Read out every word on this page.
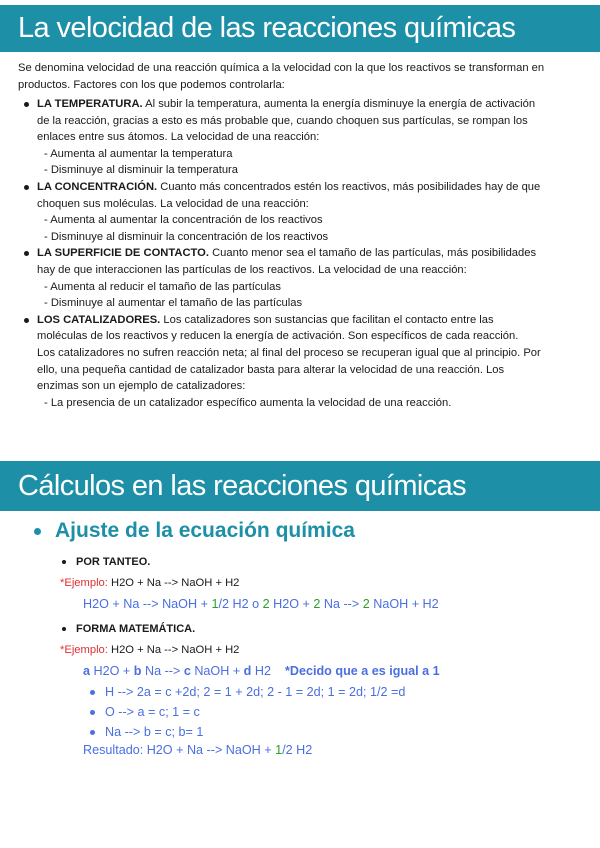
La velocidad de las reacciones químicas

Se denomina velocidad de una reacción química a la velocidad con la que los reactivos se transforman en productos. Factores con los que podemos controlarla:

LA TEMPERATURA. Al subir la temperatura, aumenta la energía disminuye la energía de activación de la reacción, gracias a esto es más probable que, cuando choquen sus partículas, se rompan los enlaces entre sus átomos. La velocidad de una reacción:
- Aumenta al aumentar la temperatura
- Disminuye al disminuir la temperatura
LA CONCENTRACIÓN. Cuanto más concentrados estén los reactivos, más posibilidades hay de que choquen sus moléculas. La velocidad de una reacción:
- Aumenta al aumentar la concentración de los reactivos
- Disminuye al disminuir la concentración de los reactivos
LA SUPERFICIE DE CONTACTO. Cuanto menor sea el tamaño de las partículas, más posibilidades hay de que interaccionen las partículas de los reactivos. La velocidad de una reacción:
- Aumenta al reducir el tamaño de las partículas
- Disminuye al aumentar el tamaño de las partículas
LOS CATALIZADORES. Los catalizadores son sustancias que facilitan el contacto entre las moléculas de los reactivos y reducen la energía de activación. Son específicos de cada reacción.
Los catalizadores no sufren reacción neta; al final del proceso se recuperan igual que al principio. Por ello, una pequeña cantidad de catalizador basta para alterar la velocidad de una reacción. Los enzimas son un ejemplo de catalizadores:
- La presencia de un catalizador específico aumenta la velocidad de una reacción.
Cálculos en las reacciones químicas
Ajuste de la ecuación química
POR TANTEO.
*Ejemplo: H2O + Na --> NaOH + H2
H2O + Na --> NaOH + 1/2 H2 o 2 H2O + 2 Na --> 2 NaOH + H2
FORMA MATEMÁTICA.
*Ejemplo: H2O + Na --> NaOH + H2
a H2O + b Na --> c NaOH + d H2 *Decido que a es igual a 1
H --> 2a = c +2d; 2 = 1 + 2d; 2 - 1 = 2d; 1 = 2d; 1/2 =d
O --> a = c; 1 = c
Na --> b = c; b= 1
Resultado: H2O + Na --> NaOH + 1/2 H2
